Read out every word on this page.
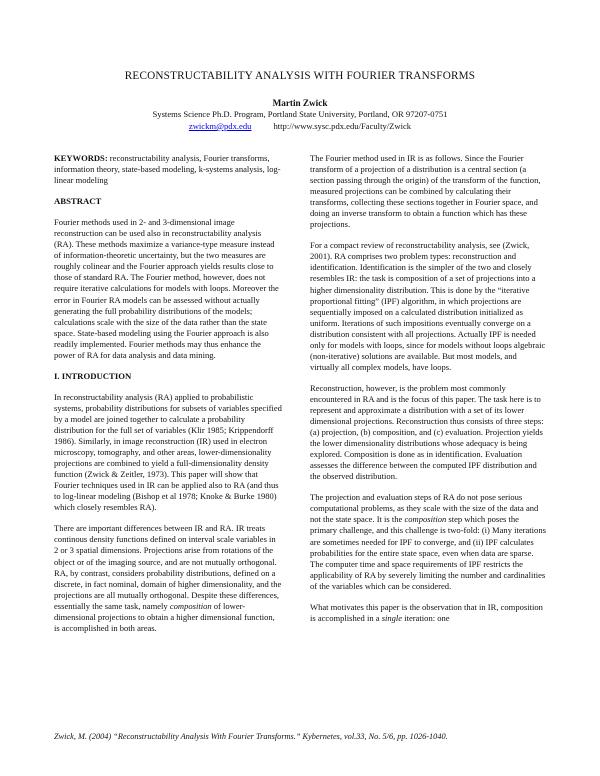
RECONSTRUCTABILITY ANALYSIS WITH FOURIER TRANSFORMS
Martin Zwick
Systems Science Ph.D. Program, Portland State University, Portland, OR 97207-0751
zwickm@pdx.edu	http://www.sysc.pdx.edu/Faculty/Zwick

KEYWORDS: reconstructability analysis, Fourier transforms, information theory, state-based modeling, k-systems analysis, log-linear modeling

ABSTRACT

Fourier methods used in 2- and 3-dimensional image reconstruction can be used also in reconstructability analysis (RA). These methods maximize a variance-type measure instead of information-theoretic uncertainty, but the two measures are roughly colinear and the Fourier approach yields results close to those of standard RA. The Fourier method, however, does not require iterative calculations for models with loops. Moreover the error in Fourier RA models can be assessed without actually generating the full probability distributions of the models; calculations scale with the size of the data rather than the state space. State-based modeling using the Fourier approach is also readily implemented. Fourier methods may thus enhance the power of RA for data analysis and data mining.

I. INTRODUCTION

In reconstructability analysis (RA) applied to probabilistic systems, probability distributions for subsets of variables specified by a model are joined together to calculate a probability distribution for the full set of variables (Klir 1985; Krippendorff 1986). Similarly, in image reconstruction (IR) used in electron microscopy, tomography, and other areas, lower-dimensionality projections are combined to yield a full-dimensionality density function (Zwick & Zeitler, 1973). This paper will show that Fourier techniques used in IR can be applied also to RA (and thus to log-linear modeling (Bishop et al 1978; Knoke & Burke 1980) which closely resembles RA).

There are important differences between IR and RA. IR treats continous density functions defined on interval scale variables in 2 or 3 spatial dimensions. Projections arise from rotations of the object or of the imaging source, and are not mutually orthogonal. RA, by contrast, considers probability distributions, defined on a discrete, in fact nominal, domain of higher dimensionality, and the projections are all mutually orthogonal. Despite these differences, essentially the same task, namely composition of lower-dimensional projections to obtain a higher dimensional function, is accomplished in both areas.

The Fourier method used in IR is as follows. Since the Fourier transform of a projection of a distribution is a central section (a section passing through the origin) of the transform of the function, measured projections can be combined by calculating their transforms, collecting these sections together in Fourier space, and doing an inverse transform to obtain a function which has these projections.

For a compact review of reconstructability analysis, see (Zwick, 2001). RA comprises two problem types: reconstruction and identification. Identification is the simpler of the two and closely resembles IR: the task is composition of a set of projections into a higher dimensionality distribution. This is done by the “iterative proportional fitting” (IPF) algorithm, in which projections are sequentially imposed on a calculated distribution initialized as uniform. Iterations of such impositions eventually converge on a distribution consistent with all projections. Actually IPF is needed only for models with loops, since for models without loops algebraic (non-iterative) solutions are available. But most models, and virtually all complex models, have loops.

Reconstruction, however, is the problem most commonly encountered in RA and is the focus of this paper. The task here is to represent and approximate a distribution with a set of its lower dimensional projections. Reconstruction thus consists of three steps: (a) projection, (b) composition, and (c) evaluation. Projection yields the lower dimensionality distributions whose adequacy is being explored. Composition is done as in identification. Evaluation assesses the difference between the computed IPF distribution and the observed distribution.

The projection and evaluation steps of RA do not pose serious computational problems, as they scale with the size of the data and not the state space. It is the composition step which poses the primary challenge, and this challenge is two-fold: (i) Many iterations are sometimes needed for IPF to converge, and (ii) IPF calculates probabilities for the entire state space, even when data are sparse. The computer time and space requirements of IPF restricts the applicability of RA by severely limiting the number and cardinalities of the variables which can be considered.

What motivates this paper is the observation that in IR, composition is accomplished in a single iteration: one

Zwick, M. (2004) “Reconstructability Analysis With Fourier Transforms.” Kybernetes, vol.33, No. 5/6, pp. 1026-1040.
